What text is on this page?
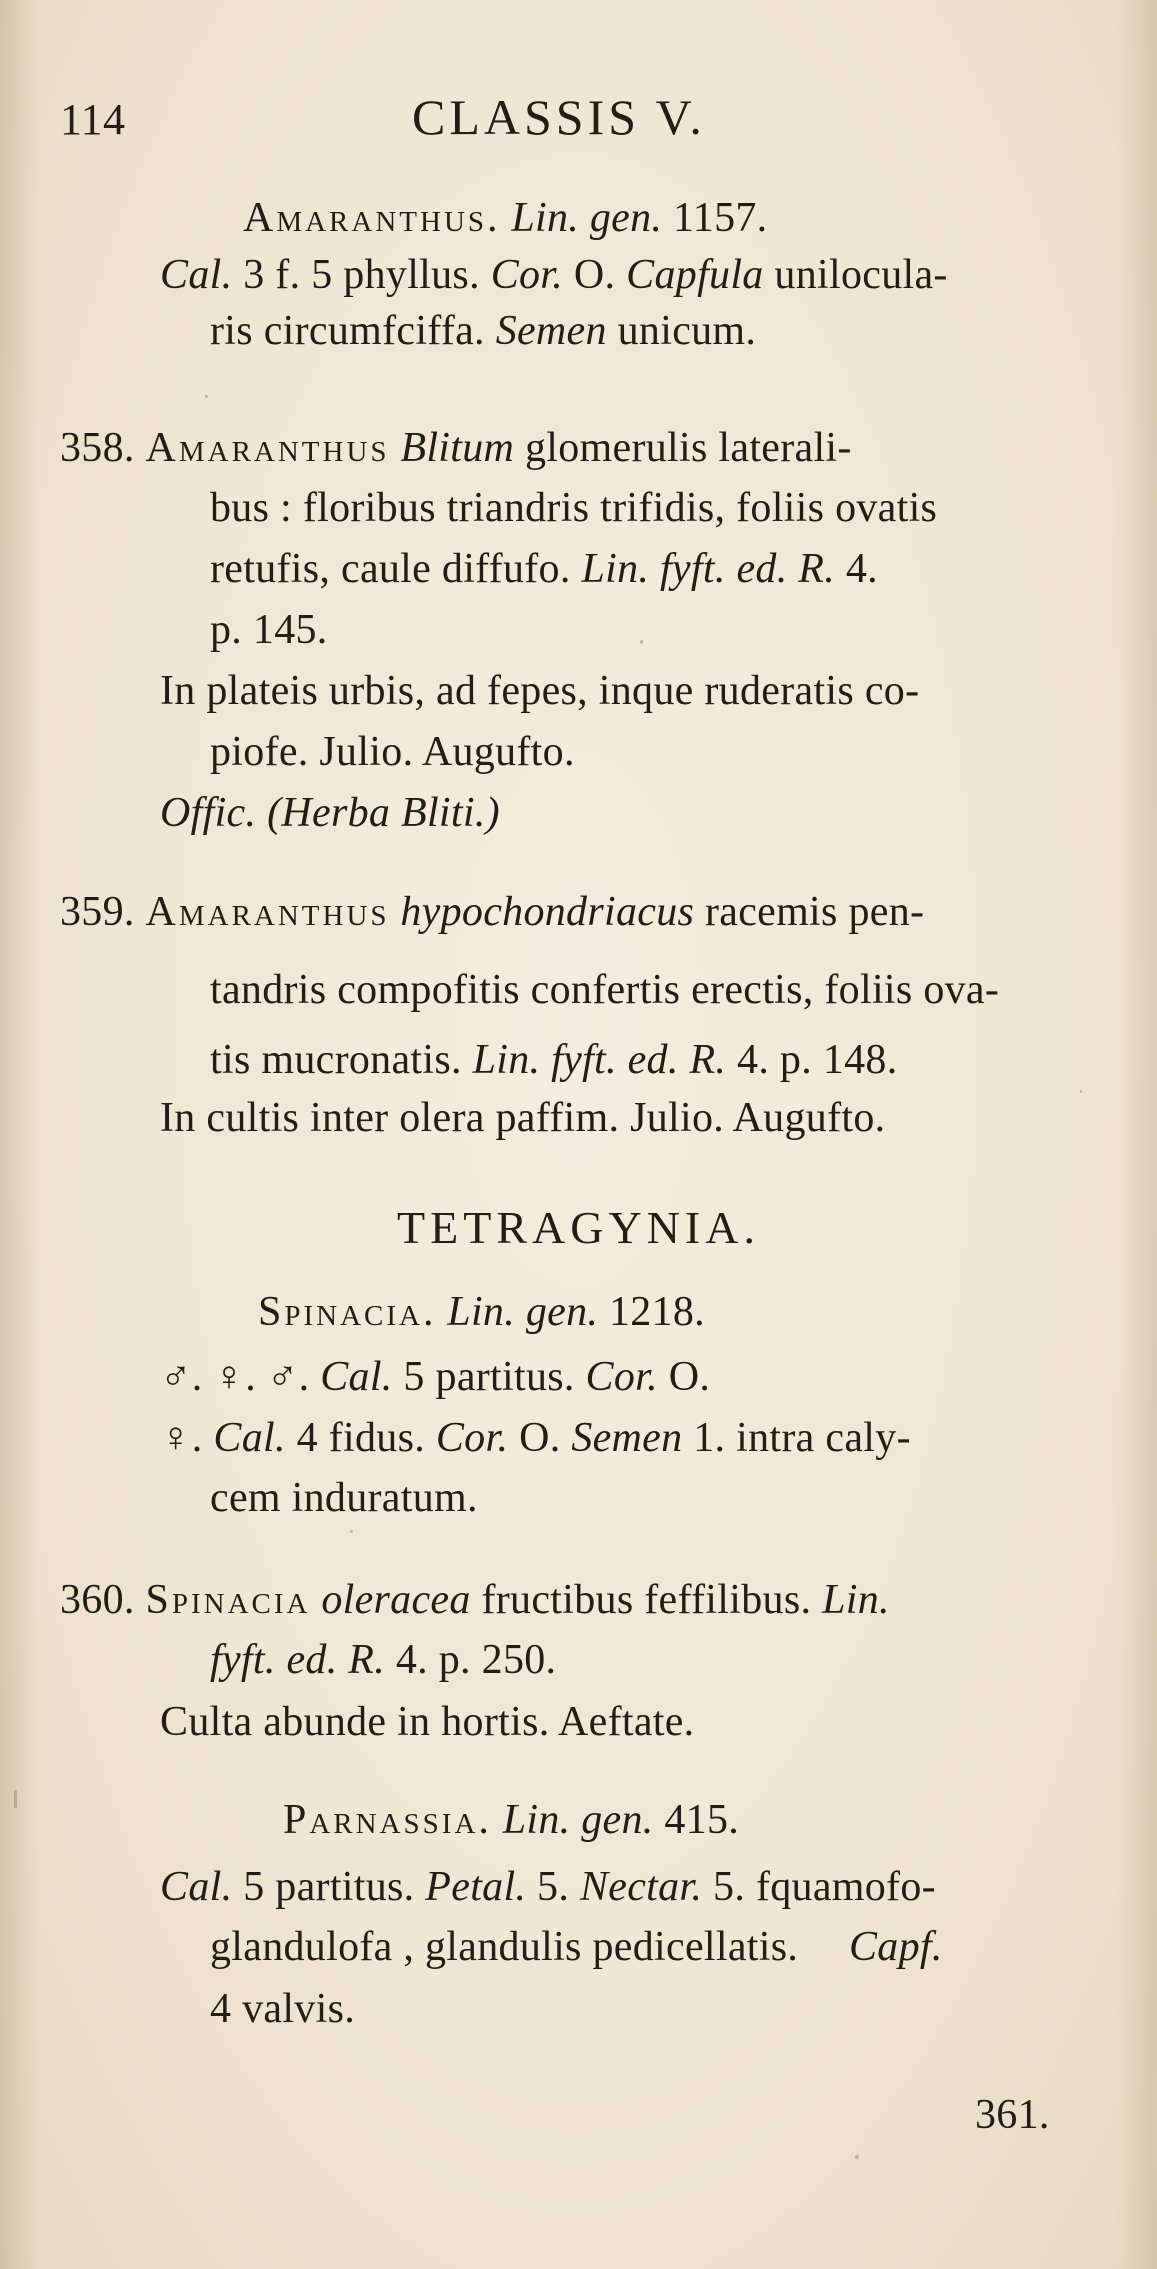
114	CLASSIS V.
Amaranthus. Lin. gen. 1157.
Cal. 3 f. 5 phyllus. Cor. O. Capfula uniloculа-
ris circumfciffa. Semen unicum.
358. Amaranthus Blitum glomerulis laterali-
bus : floribus triandris trifidis, foliis ovatis
retufis, caule diffufo. Lin. fyft. ed. R. 4.
p. 145.
In plateis urbis, ad fepes, inque ruderatis co-
piofe. Julio. Augufto.
Offic. (Herba Bliti.)
359. Amaranthus hypochondriacus racemis pen-
tandris compofitis confertis erectis, foliis ova-
tis mucronatis. Lin. fyft. ed. R. 4. p. 148.
In cultis inter olera paffim. Julio. Augufto.
TETRAGYNIA.
Spinacia. Lin. gen. 1218.
♂. ♀. ♂. Cal. 5 partitus. Cor. O.
♀. Cal. 4 fidus. Cor. O. Semen 1. intra caly-
cem induratum.
360. Spinacia oleracea fructibus feffilibus. Lin.
fyft. ed. R. 4. p. 250.
Culta abunde in hortis. Aeftate.
Parnassia. Lin. gen. 415.
Cal. 5 partitus. Petal. 5. Nectar. 5. fquamofo-
glandulofa , glandulis pedicellatis. Capf.
4 valvis.
361.
